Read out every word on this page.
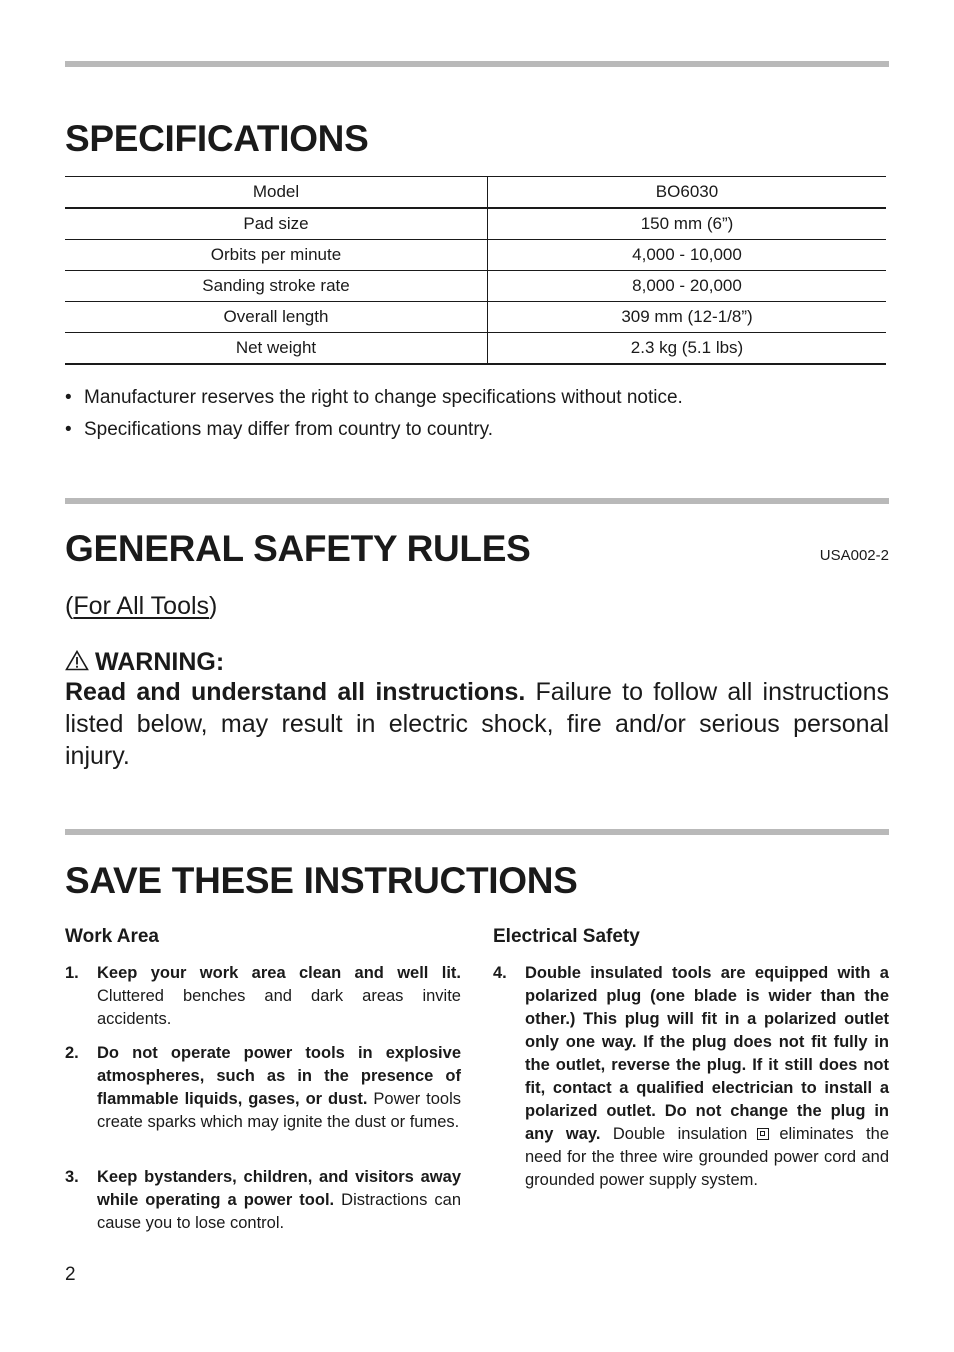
SPECIFICATIONS
Model	BO6030
Pad size	150 mm (6”)
Orbits per minute	4,000 - 10,000
Sanding stroke rate	8,000 - 20,000
Overall length	309 mm (12-1/8”)
Net weight	2.3 kg (5.1 lbs)
• Manufacturer reserves the right to change specifications without notice.
• Specifications may differ from country to country.
GENERAL SAFETY RULES	USA002-2
(For All Tools)
WARNING:

Read and understand all instructions. Failure to follow all instructions listed below, may result in electric shock, fire and/or serious personal injury.

SAVE THESE INSTRUCTIONS
Work Area
1. Keep your work area clean and well lit. Cluttered benches and dark areas invite accidents.

2. Do not operate power tools in explosive atmospheres, such as in the presence of flammable liquids, gases, or dust. Power tools create sparks which may ignite the dust or fumes.

3. Keep bystanders, children, and visitors away while operating a power tool. Distractions can cause you to lose control.

Electrical Safety
4. Double insulated tools are equipped with a polarized plug (one blade is wider than the other.) This plug will fit in a polarized outlet only one way. If the plug does not fit fully in the outlet, reverse the plug. If it still does not fit, contact a qualified electrician to install a polarized outlet. Do not change the plug in any way. Double insulation eliminates the need for the three wire grounded power cord and grounded power supply system.

2
